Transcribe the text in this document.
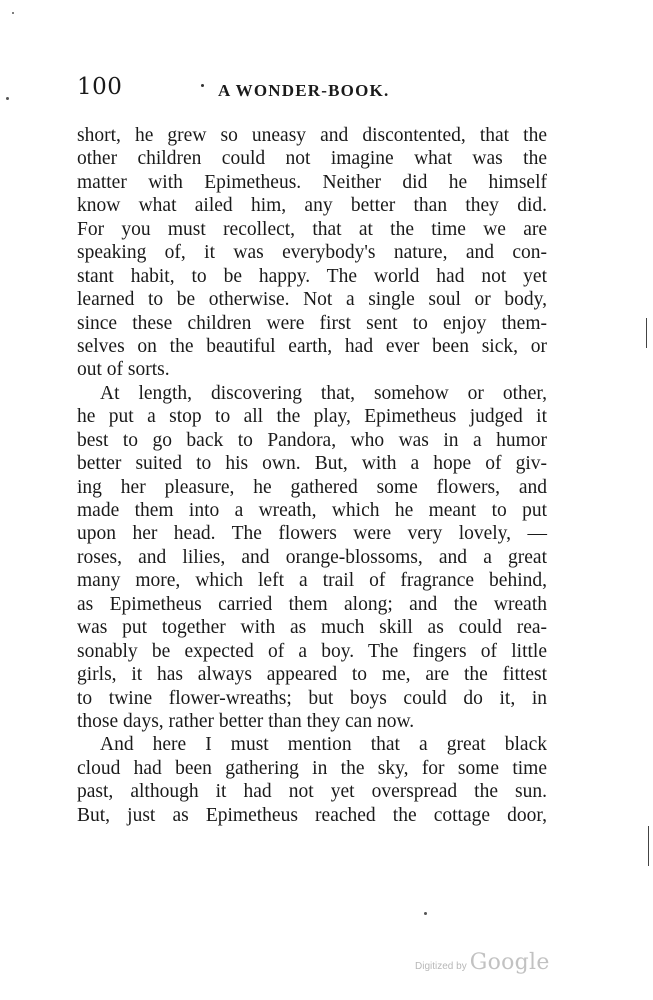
100	A WONDER-BOOK.
short, he grew so uneasy and discontented, that the
other children could not imagine what was the
matter with Epimetheus. Neither did he himself
know what ailed him, any better than they did.
For you must recollect, that at the time we are
speaking of, it was everybody's nature, and con-
stant habit, to be happy. The world had not yet
learned to be otherwise. Not a single soul or body,
since these children were first sent to enjoy them-
selves on the beautiful earth, had ever been sick, or
out of sorts.
At length, discovering that, somehow or other,
he put a stop to all the play, Epimetheus judged it
best to go back to Pandora, who was in a humor
better suited to his own. But, with a hope of giv-
ing her pleasure, he gathered some flowers, and
made them into a wreath, which he meant to put
upon her head. The flowers were very lovely, —
roses, and lilies, and orange-blossoms, and a great
many more, which left a trail of fragrance behind,
as Epimetheus carried them along; and the wreath
was put together with as much skill as could rea-
sonably be expected of a boy. The fingers of little
girls, it has always appeared to me, are the fittest
to twine flower-wreaths; but boys could do it, in
those days, rather better than they can now.
And here I must mention that a great black
cloud had been gathering in the sky, for some time
past, although it had not yet overspread the sun.
But, just as Epimetheus reached the cottage door,
Digitized by Google
